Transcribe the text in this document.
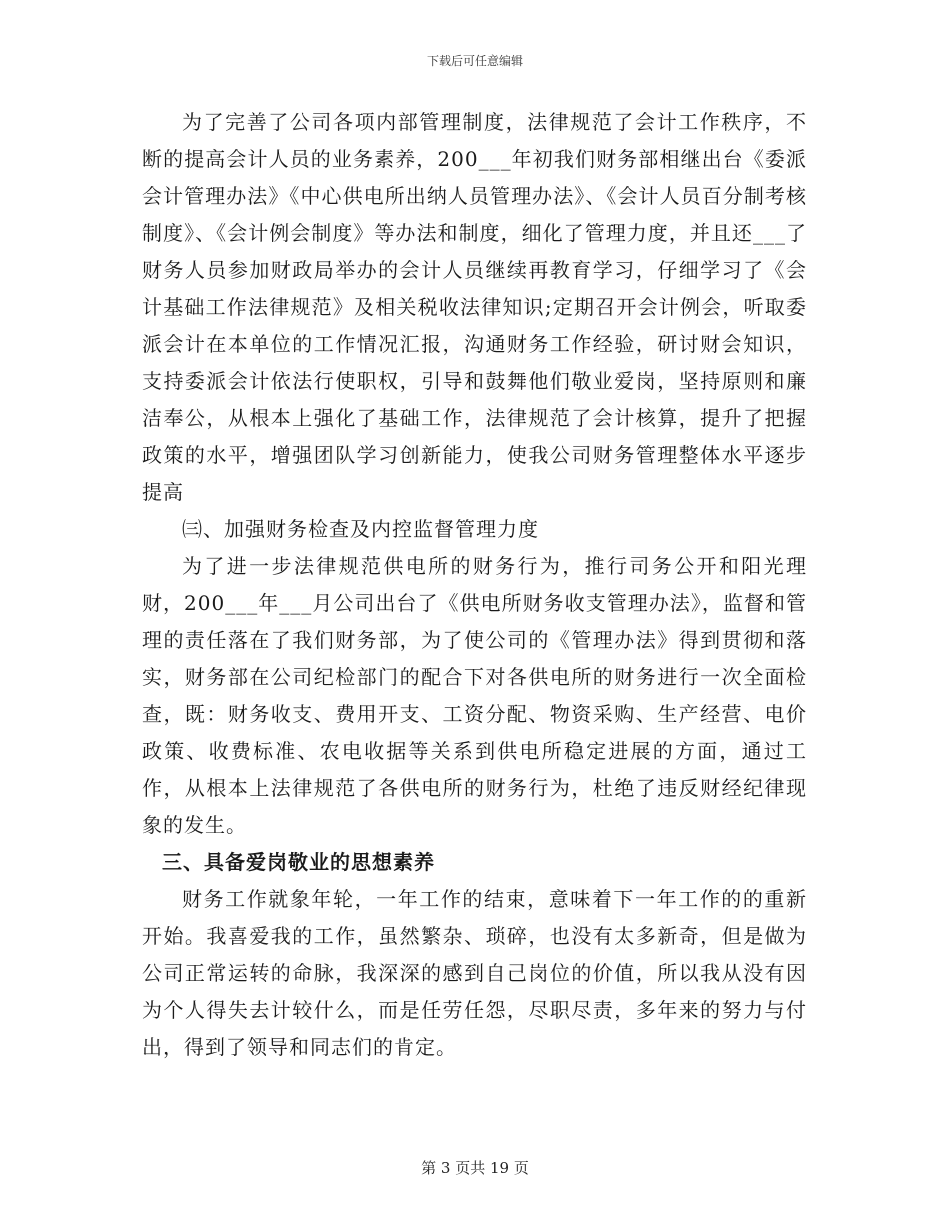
下载后可任意编辑

为了完善了公司各项内部管理制度，法律规范了会计工作秩序，不断的提高会计人员的业务素养，200___年初我们财务部相继出台《委派会计管理办法》《中心供电所出纳人员管理办法》、《会计人员百分制考核制度》、《会计例会制度》等办法和制度，细化了管理力度，并且还___了财务人员参加财政局举办的会计人员继续再教育学习，仔细学习了《会计基础工作法律规范》及相关税收法律知识;定期召开会计例会，听取委派会计在本单位的工作情况汇报，沟通财务工作经验，研讨财会知识，支持委派会计依法行使职权，引导和鼓舞他们敬业爱岗，坚持原则和廉洁奉公，从根本上强化了基础工作，法律规范了会计核算，提升了把握政策的水平，增强团队学习创新能力，使我公司财务管理整体水平逐步提高

㈢、加强财务检查及内控监督管理力度

为了进一步法律规范供电所的财务行为，推行司务公开和阳光理财，200___年___月公司出台了《供电所财务收支管理办法》，监督和管理的责任落在了我们财务部，为了使公司的《管理办法》得到贯彻和落实，财务部在公司纪检部门的配合下对各供电所的财务进行一次全面检查，既：财务收支、费用开支、工资分配、物资采购、生产经营、电价政策、收费标准、农电收据等关系到供电所稳定进展的方面，通过工作，从根本上法律规范了各供电所的财务行为，杜绝了违反财经纪律现象的发生。

三、具备爱岗敬业的思想素养

财务工作就象年轮，一年工作的结束，意味着下一年工作的的重新开始。我喜爱我的工作，虽然繁杂、琐碎，也没有太多新奇，但是做为公司正常运转的命脉，我深深的感到自己岗位的价值，所以我从没有因为个人得失去计较什么，而是任劳任怨，尽职尽责，多年来的努力与付出，得到了领导和同志们的肯定。

第 3 页共 19 页
